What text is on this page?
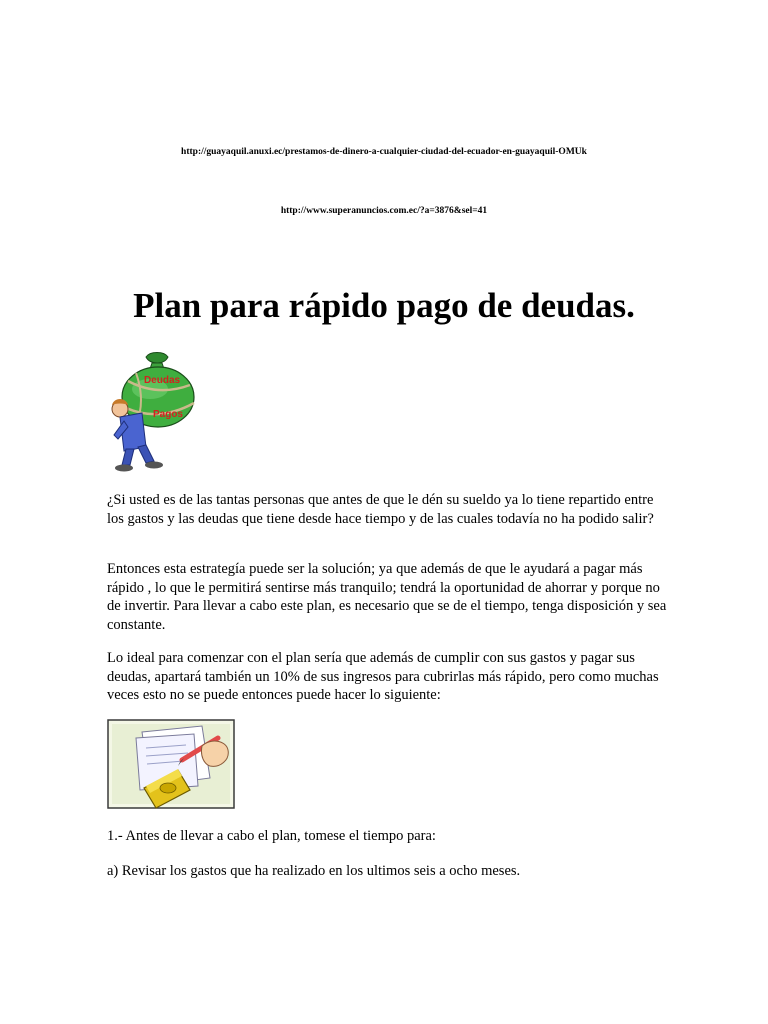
http://guayaquil.anuxi.ec/prestamos-de-dinero-a-cualquier-ciudad-del-ecuador-en-guayaquil-OMUk
http://www.superanuncios.com.ec/?a=3876&sel=41
Plan para rápido pago de deudas.
Deudas
Pagos

¿Si usted es de las tantas personas que antes de que le dén su sueldo ya lo tiene repartido entre los gastos y las deudas que tiene desde hace tiempo y de las cuales todavía no ha podido salir?

Entonces esta estrategía puede ser la solución; ya que además de que le ayudará a pagar más rápido , lo que le permitirá sentirse más tranquilo; tendrá la oportunidad de ahorrar y porque no de invertir. Para llevar a cabo este plan, es necesario que se de el tiempo, tenga disposición y sea constante.

Lo ideal para comenzar con el plan sería que además de cumplir con sus gastos y pagar sus deudas, apartará también un 10% de sus ingresos para cubrirlas más rápido, pero como muchas veces esto no se puede entonces puede hacer lo siguiente:

1.- Antes de llevar a cabo el plan, tomese el tiempo para:

a) Revisar los gastos que ha realizado en los ultimos seis a ocho meses.
